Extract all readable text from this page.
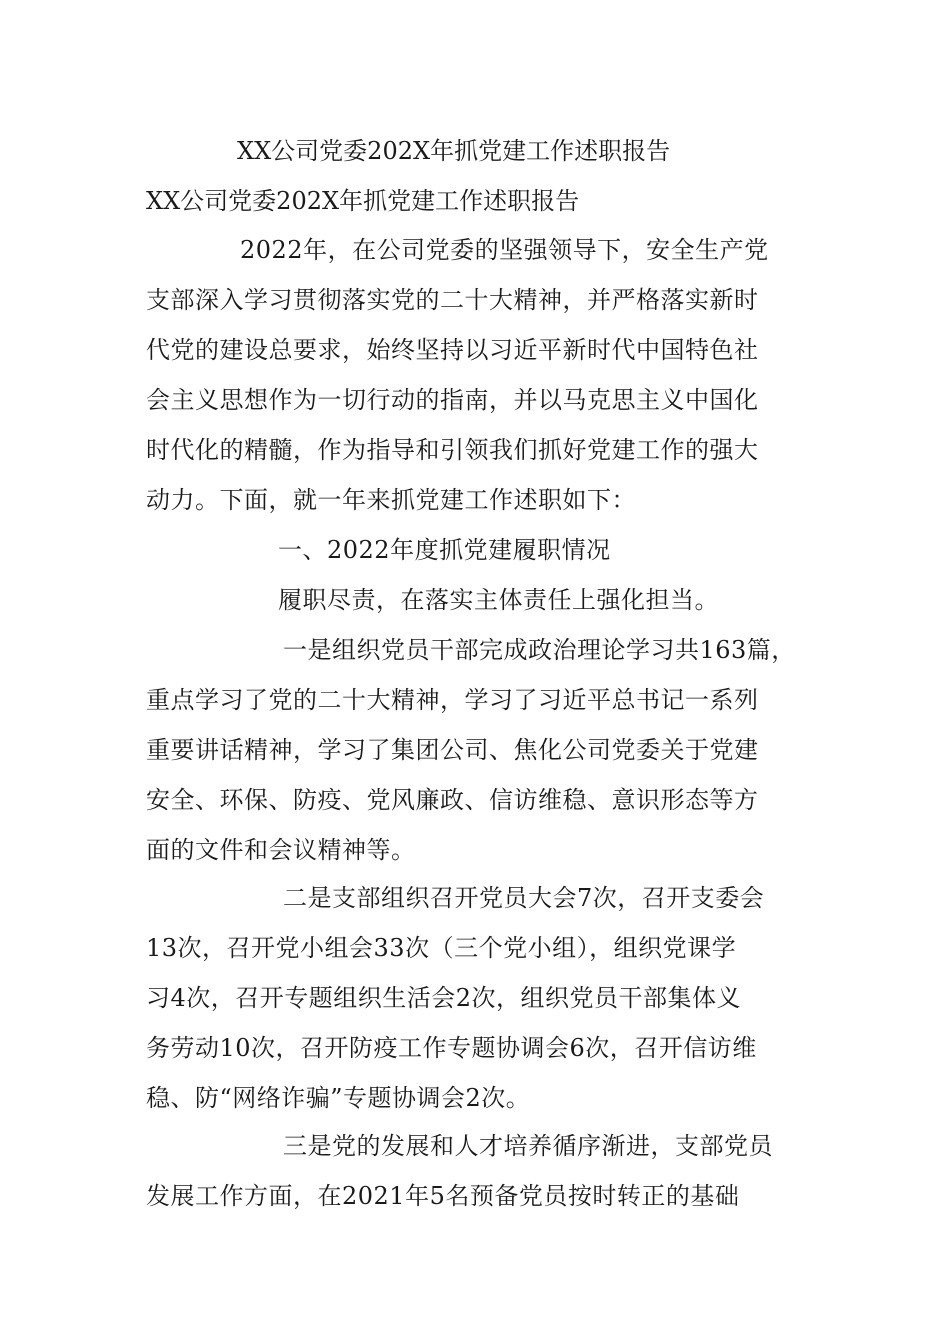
XX公司党委202X年抓党建工作述职报告
XX公司党委202X年抓党建工作述职报告
2022年，在公司党委的坚强领导下，安全生产党
支部深入学习贯彻落实党的二十大精神，并严格落实新时
代党的建设总要求，始终坚持以习近平新时代中国特色社
会主义思想作为一切行动的指南，并以马克思主义中国化
时代化的精髓，作为指导和引领我们抓好党建工作的强大
动力。下面，就一年来抓党建工作述职如下：
一、2022年度抓党建履职情况
履职尽责，在落实主体责任上强化担当。
一是组织党员干部完成政治理论学习共163篇，
重点学习了党的二十大精神，学习了习近平总书记一系列
重要讲话精神，学习了集团公司、焦化公司党委关于党建
安全、环保、防疫、党风廉政、信访维稳、意识形态等方
面的文件和会议精神等。
二是支部组织召开党员大会7次，召开支委会
13次，召开党小组会33次（三个党小组），组织党课学
习4次，召开专题组织生活会2次，组织党员干部集体义
务劳动10次，召开防疫工作专题协调会6次，召开信访维
稳、防“网络诈骗”专题协调会2次。
三是党的发展和人才培养循序渐进，支部党员
发展工作方面，在2021年5名预备党员按时转正的基础
